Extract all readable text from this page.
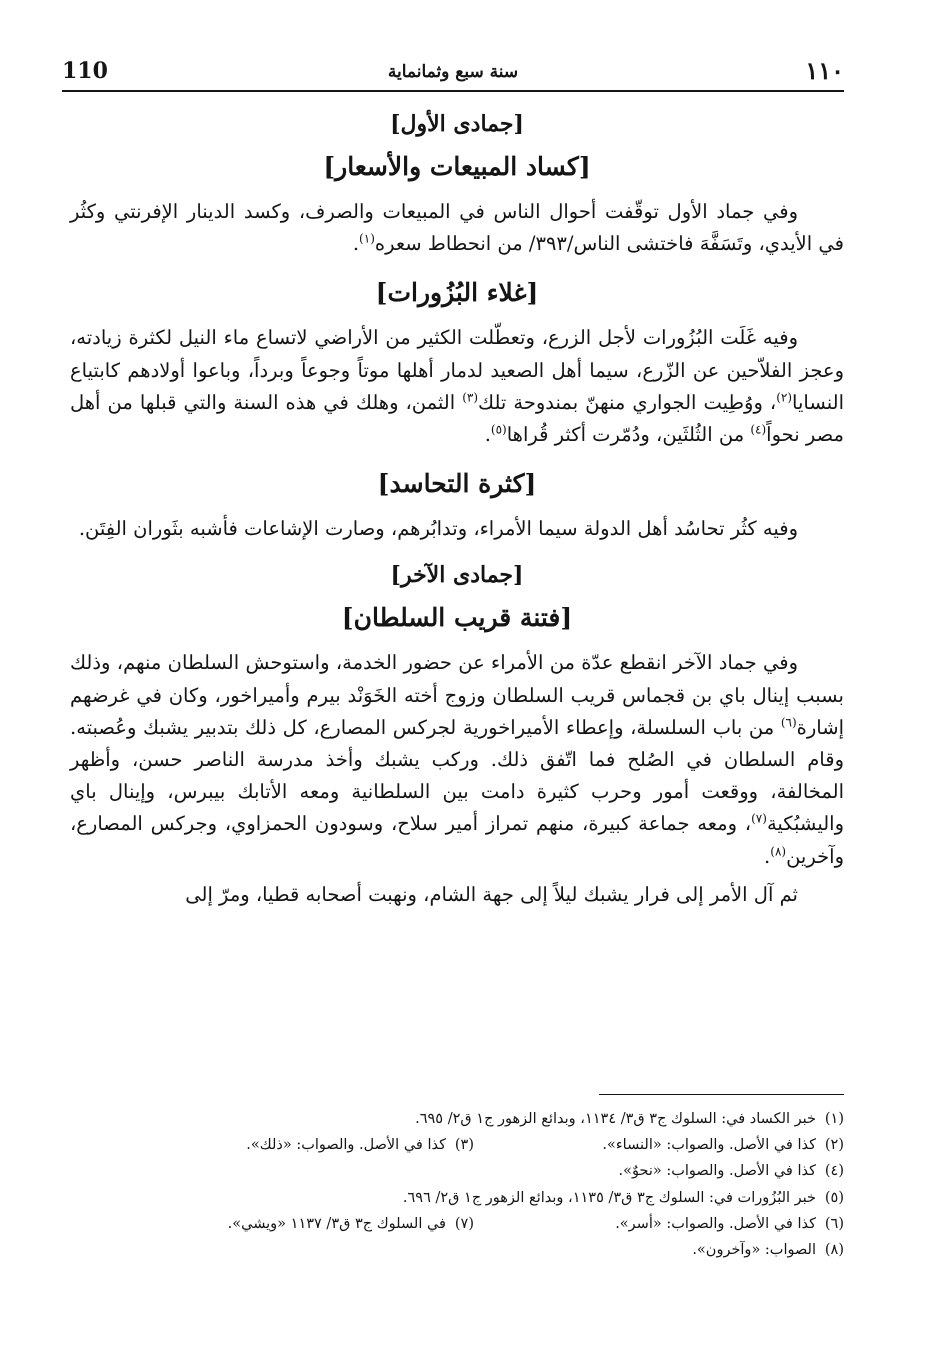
١١٠
سنة سبع وثمانماية
110
[جمادى الأول]
[كساد المبيعات والأسعار]

وفي جماد الأول توقّفت أحوال الناس في المبيعات والصرف، وكسد الدينار الإفرنتي وكثُر في الأيدي، وتَسَفَّهَ فاختشى الناس/٣٩٣/ من انحطاط سعره$^{(١)}$.

[غلاء البُزُورات]

وفيه غَلَت البُزُورات لأجل الزرع، وتعطّلت الكثير من الأراضي لاتساع ماء النيل لكثرة زيادته، وعجز الفلاّحين عن الزّرع، سيما أهل الصعيد لدمار أهلها موتاً وجوعاً وبرداً، وباعوا أولادهم كابتياع النسايا$^{(٢)}$، ووُطِيت الجواري منهنّ بمندوحة تلك$^{(٣)}$ الثمن، وهلك في هذه السنة والتي قبلها من أهل مصر نحواً$^{(٤)}$ من الثُلثَين، ودُمّرت أكثر قُراها$^{(٥)}$.

[كثرة التحاسد]

وفيه كثُر تحاسُد أهل الدولة سيما الأمراء، وتدابُرهم، وصارت الإشاعات فأشبه بثَوران الفِتَن.

[جمادى الآخر]
[فتنة قريب السلطان]

وفي جماد الآخر انقطع عدّة من الأمراء عن حضور الخدمة، واستوحش السلطان منهم، وذلك بسبب إينال باي بن قجماس قريب السلطان وزوج أخته الخَوَنْد بيرم وأميراخور، وكان في غرضهم إشارة$^{(٦)}$ من باب السلسلة، وإعطاء الأميراخورية لجركس المصارع، كل ذلك بتدبير يشبك وعُصبته. وقام السلطان في الصُلح فما اتّفق ذلك. وركب يشبك وأخذ مدرسة الناصر حسن، وأظهر المخالفة، ووقعت أمور وحرب كثيرة دامت بين السلطانية ومعه الأتابك بيبرس، وإينال باي واليشبُكية$^{(٧)}$، ومعه جماعة كبيرة، منهم تمراز أمير سلاح، وسودون الحمزاوي، وجركس المصارع، وآخرين$^{(٨)}$.

ثم آل الأمر إلى فرار يشبك ليلاً إلى جهة الشام، ونهبت أصحابه قطيا، ومرّ إلى

(١)خبر الكساد في: السلوك ج٣ ق٣/ ١١٣٤، وبدائع الزهور ج١ ق٢/ ٦٩٥.
(٢)كذا في الأصل. والصواب: «النساء».
(٣)كذا في الأصل. والصواب: «ذلك».
(٤)كذا في الأصل. والصواب: «نحوٌ».
(٥)خبر البُزُورات في: السلوك ج٣ ق٣/ ١١٣٥، وبدائع الزهور ج١ ق٢/ ٦٩٦.
(٦)كذا في الأصل. والصواب: «أسر».
(٧)في السلوك ج٣ ق٣/ ١١٣٧ «ويشي».
(٨)الصواب: «وآخرون».
